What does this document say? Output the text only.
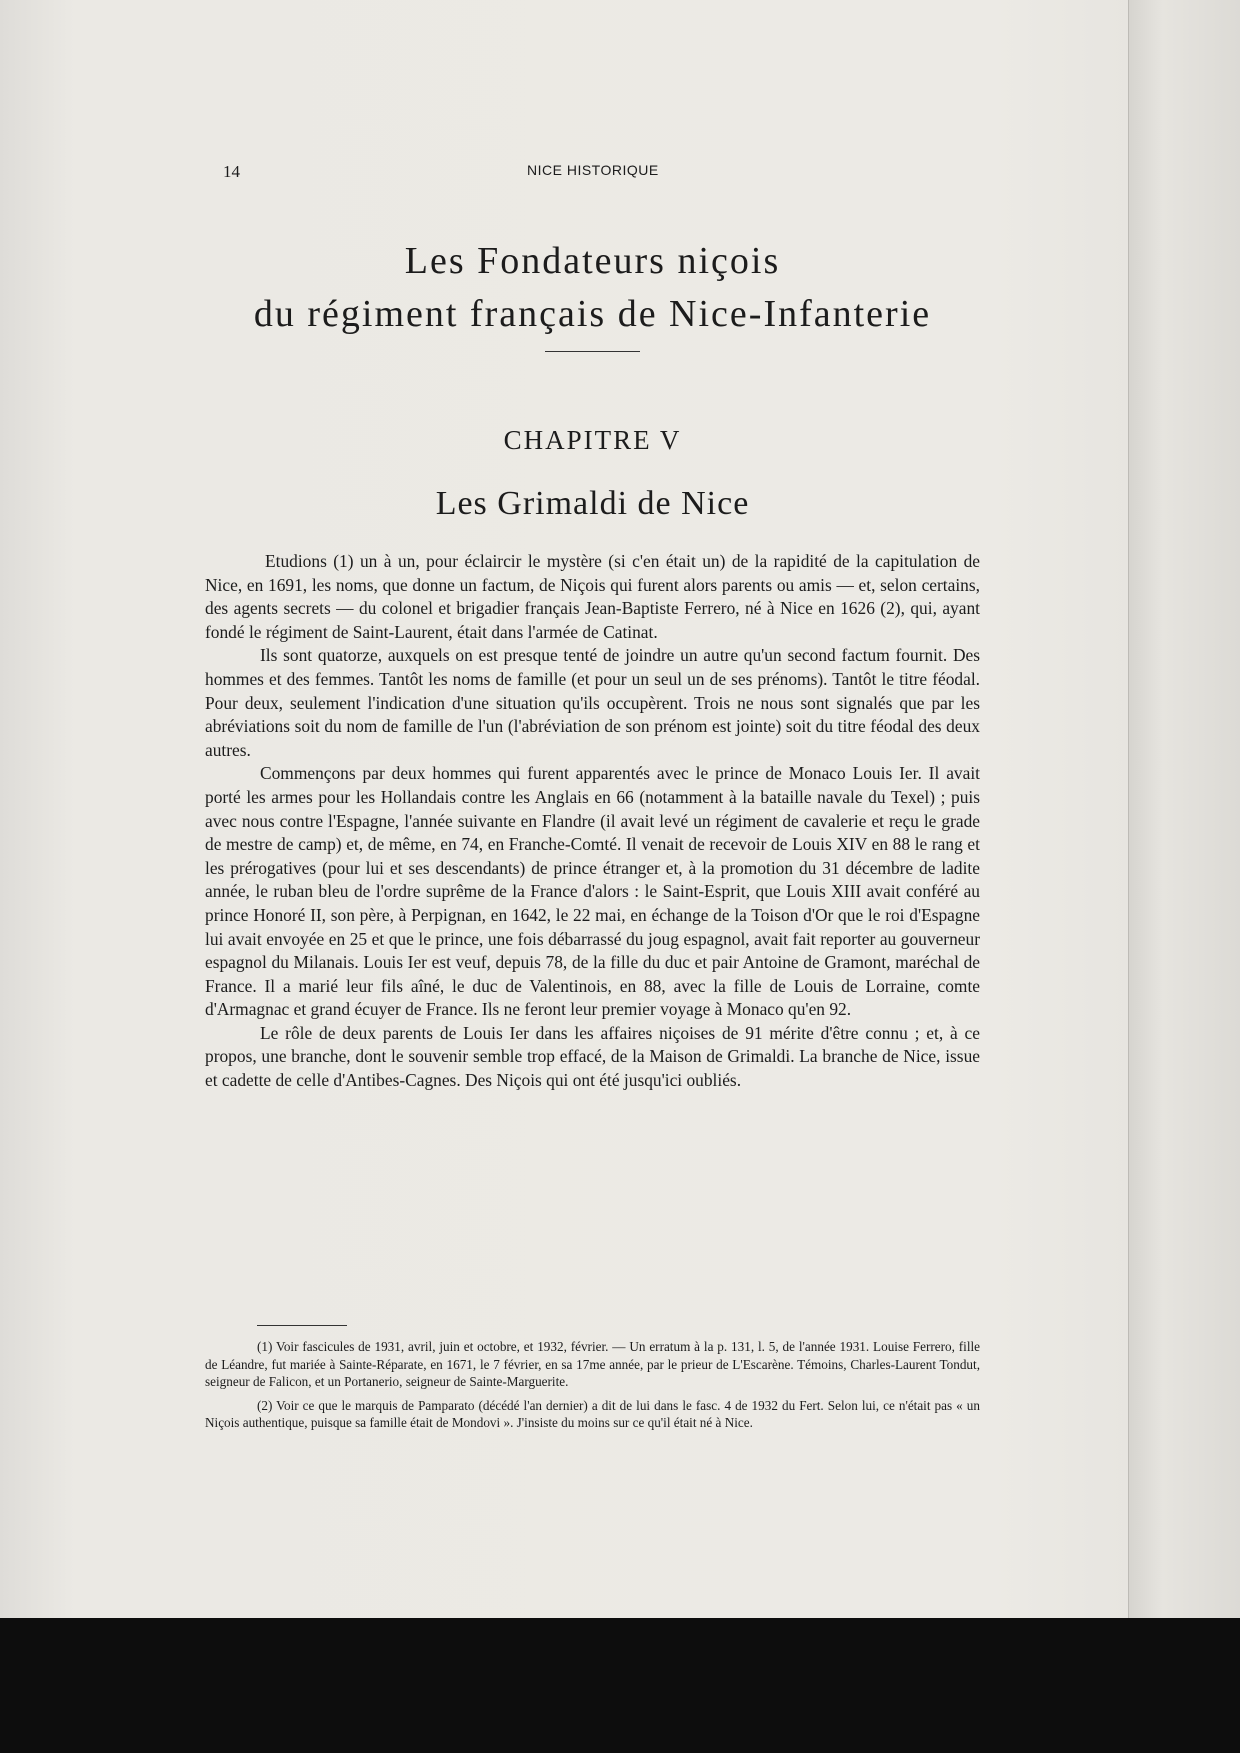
14	NICE HISTORIQUE
Les Fondateurs niçois
du régiment français de Nice-Infanterie
CHAPITRE V
Les Grimaldi de Nice

Etudions (1) un à un, pour éclaircir le mystère (si c'en était un) de la rapidité de la capitulation de Nice, en 1691, les noms, que donne un factum, de Niçois qui furent alors parents ou amis — et, selon certains, des agents secrets — du colonel et brigadier français Jean-Baptiste Ferrero, né à Nice en 1626 (2), qui, ayant fondé le régiment de Saint-Laurent, était dans l'armée de Catinat.

Ils sont quatorze, auxquels on est presque tenté de joindre un autre qu'un second factum fournit. Des hommes et des femmes. Tantôt les noms de famille (et pour un seul un de ses prénoms). Tantôt le titre féodal. Pour deux, seulement l'indication d'une situation qu'ils occupèrent. Trois ne nous sont signalés que par les abréviations soit du nom de famille de l'un (l'abréviation de son prénom est jointe) soit du titre féodal des deux autres.

Commençons par deux hommes qui furent apparentés avec le prince de Monaco Louis Ier. Il avait porté les armes pour les Hollandais contre les Anglais en 66 (notamment à la bataille navale du Texel) ; puis avec nous contre l'Espagne, l'année suivante en Flandre (il avait levé un régiment de cavalerie et reçu le grade de mestre de camp) et, de même, en 74, en Franche-Comté. Il venait de recevoir de Louis XIV en 88 le rang et les prérogatives (pour lui et ses descendants) de prince étranger et, à la promotion du 31 décembre de ladite année, le ruban bleu de l'ordre suprême de la France d'alors : le Saint-Esprit, que Louis XIII avait conféré au prince Honoré II, son père, à Perpignan, en 1642, le 22 mai, en échange de la Toison d'Or que le roi d'Espagne lui avait envoyée en 25 et que le prince, une fois débarrassé du joug espagnol, avait fait reporter au gouverneur espagnol du Milanais. Louis Ier est veuf, depuis 78, de la fille du duc et pair Antoine de Gramont, maréchal de France. Il a marié leur fils aîné, le duc de Valentinois, en 88, avec la fille de Louis de Lorraine, comte d'Armagnac et grand écuyer de France. Ils ne feront leur premier voyage à Monaco qu'en 92.

Le rôle de deux parents de Louis Ier dans les affaires niçoises de 91 mérite d'être connu ; et, à ce propos, une branche, dont le souvenir semble trop effacé, de la Maison de Grimaldi. La branche de Nice, issue et cadette de celle d'Antibes-Cagnes. Des Niçois qui ont été jusqu'ici oubliés.

(1) Voir fascicules de 1931, avril, juin et octobre, et 1932, février. — Un erratum à la p. 131, l. 5, de l'année 1931. Louise Ferrero, fille de Léandre, fut mariée à Sainte-Réparate, en 1671, le 7 février, en sa 17me année, par le prieur de L'Escarène. Témoins, Charles-Laurent Tondut, seigneur de Falicon, et un Portanerio, seigneur de Sainte-Marguerite.

(2) Voir ce que le marquis de Pamparato (décédé l'an dernier) a dit de lui dans le fasc. 4 de 1932 du Fert. Selon lui, ce n'était pas « un Niçois authentique, puisque sa famille était de Mondovi ». J'insiste du moins sur ce qu'il était né à Nice.
